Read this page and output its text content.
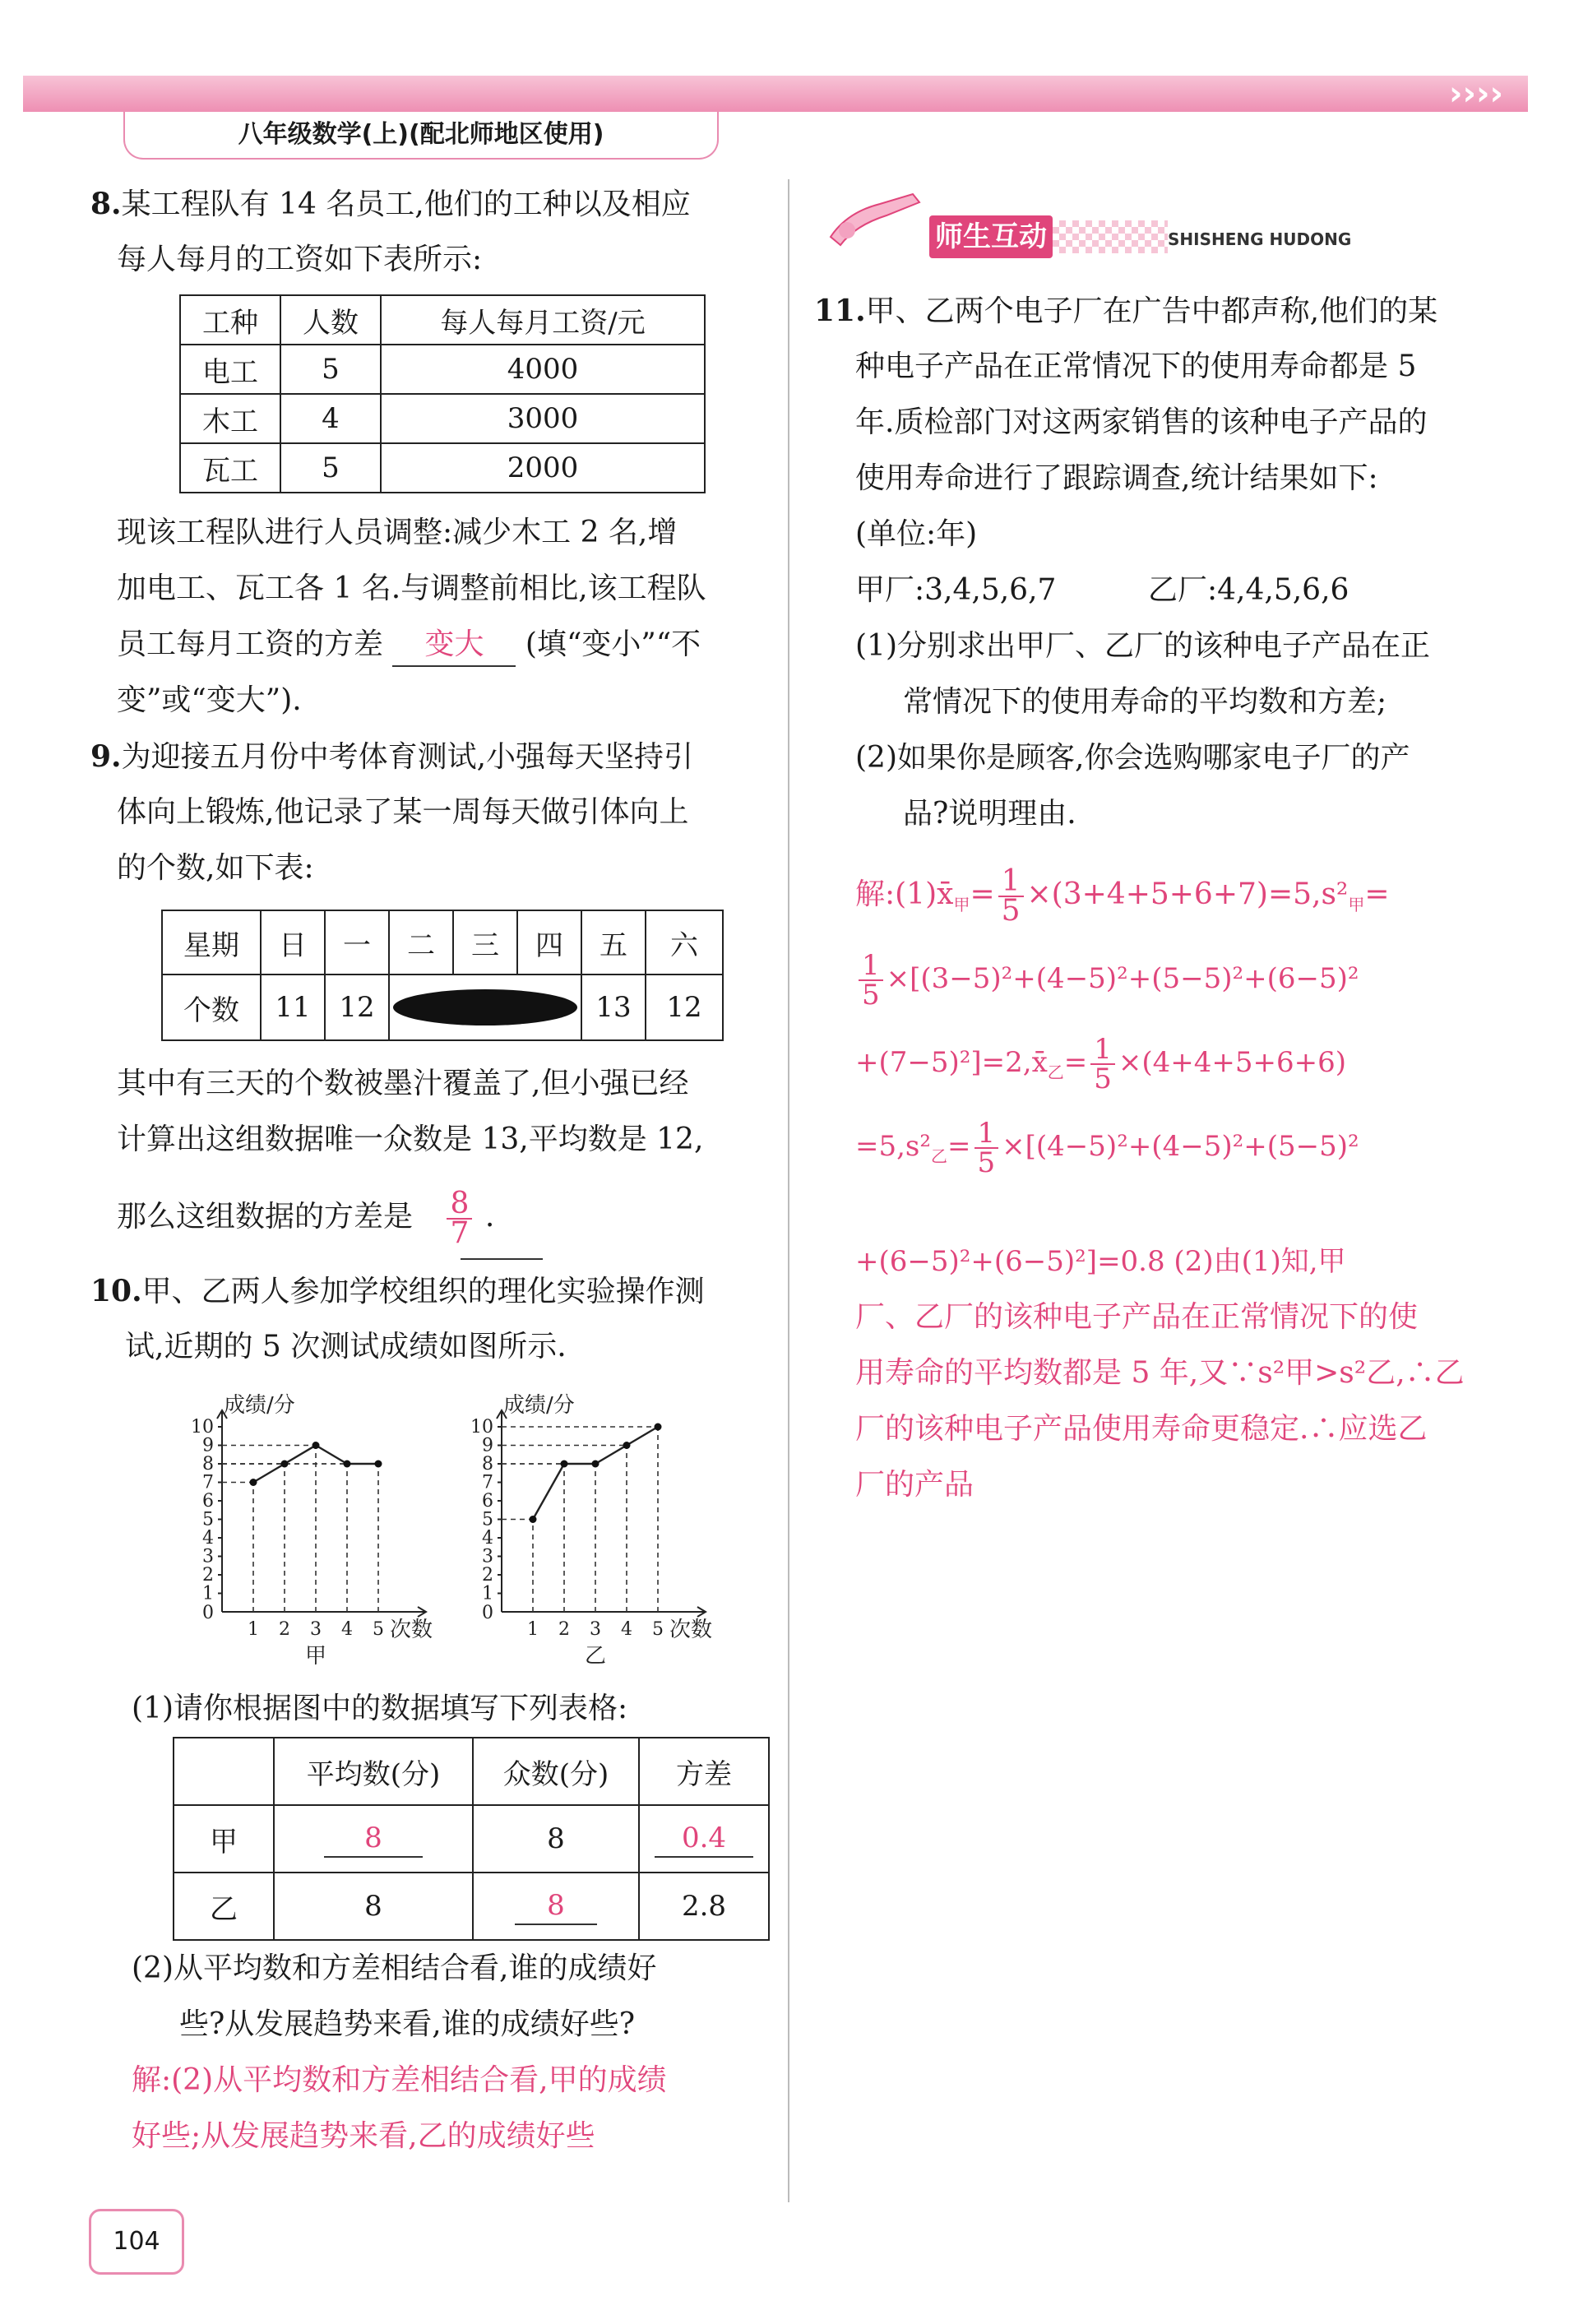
››››
八年级数学(上)(配北师地区使用)
8.某工程队有 14 名员工,他们的工种以及相应
每人每月的工资如下表所示:
工种	人数	每人每月工资/元
电工	5	4000
木工	4	3000
瓦工	5	2000
现该工程队进行人员调整:减少木工 2 名,增
加电工、瓦工各 1 名.与调整前相比,该工程队
员工每月工资的方差 变大 (填“变小”“不
变”或“变大”).
9.为迎接五月份中考体育测试,小强每天坚持引
体向上锻炼,他记录了某一周每天做引体向上
的个数,如下表:
星期	日	一	二	三	四	五	六
个数	11	12				13	12
其中有三天的个数被墨汁覆盖了,但小强已经
计算出这组数据唯一众数是 13,平均数是 12,
那么这组数据的方差是 $\frac{8}{7}$ .
10.甲、乙两人参加学校组织的理化实验操作测
试,近期的 5 次测试成绩如图所示.
1
2
3
4
5
6
7
8
9
10
0
1 2 3 4 5
成绩/分
次数
甲
1
2
3
4
5
6
7
8
9
10
0
1 2 3 4 5
成绩/分
次数
乙
(1)请你根据图中的数据填写下列表格:
	平均数(分)	众数(分)	方差
甲	8	8	0.4
乙	8	8	2.8
(2)从平均数和方差相结合看,谁的成绩好
些?从发展趋势来看,谁的成绩好些?
解:(2)从平均数和方差相结合看,甲的成绩
好些;从发展趋势来看,乙的成绩好些
师生互动	SHISHENG HUDONG
11.甲、乙两个电子厂在广告中都声称,他们的某
种电子产品在正常情况下的使用寿命都是 5
年.质检部门对这两家销售的该种电子产品的
使用寿命进行了跟踪调查,统计结果如下:
(单位:年)
甲厂:3,4,5,6,7	乙厂:4,4,5,6,6
(1)分别求出甲厂、乙厂的该种电子产品在正
常情况下的使用寿命的平均数和方差;
(2)如果你是顾客,你会选购哪家电子厂的产
品?说明理由.
解$:(1)x̄_甲= \frac{1}{5} \times(3+4+5+6+7)=5,s^2_甲=$
$\frac{1}{5} \times[(3-5)^2+(4-5)^2+(5-5)^2+(6-5)^2$
$+(7-5)^2]=2,x̄_乙= \frac{1}{5} \times(4+4+5+6+6)$
$=5,s^2_乙= \frac{1}{5} \times[(4-5)^2+(4-5)^2+(5-5)^2$
+(6−5)²+(6−5)²]=0.8 (2)由(1)知,甲
厂、乙厂的该种电子产品在正常情况下的使
用寿命的平均数都是 5 年,又∵s²甲>s²乙,∴乙
厂的该种电子产品使用寿命更稳定.∴应选乙
厂的产品
104
